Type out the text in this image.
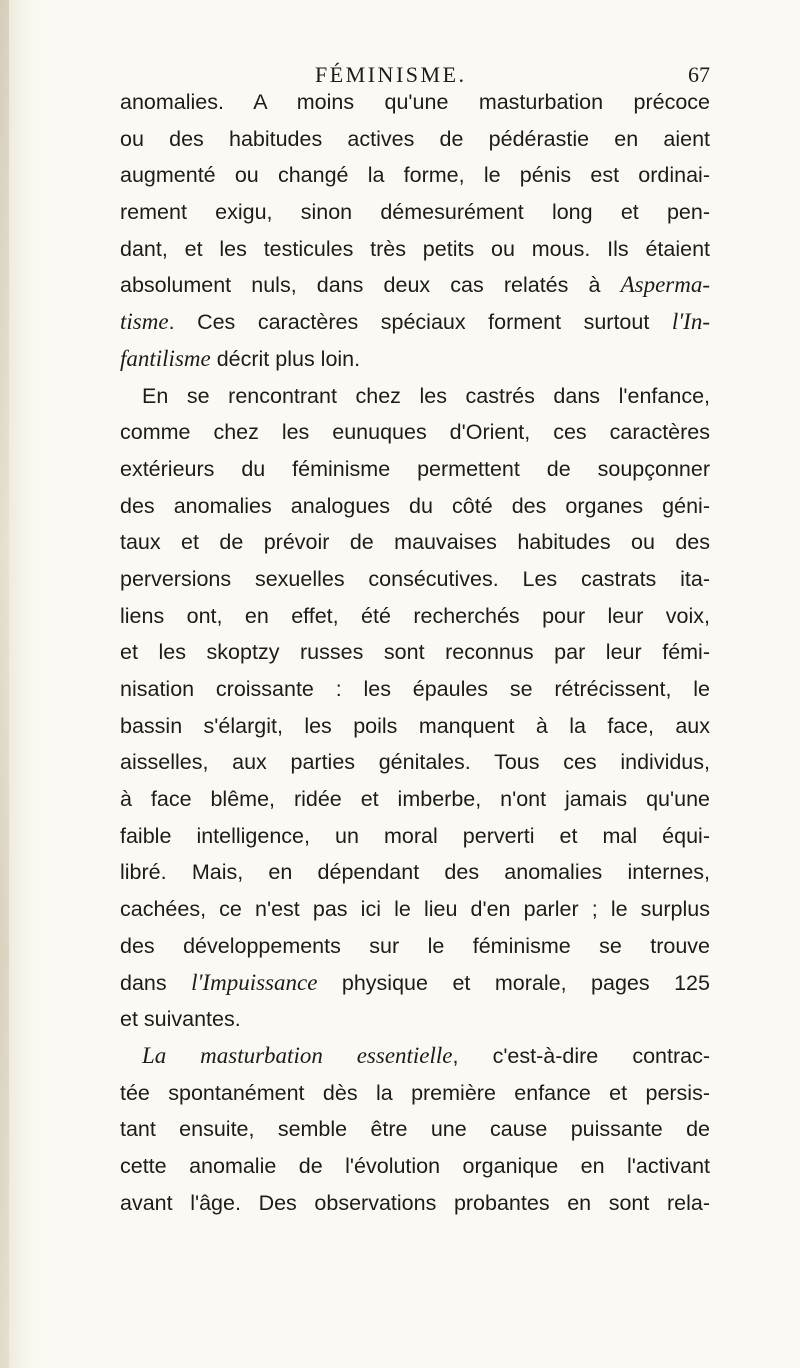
FÉMINISME.	67
anomalies. A moins qu'une masturbation précoce
ou des habitudes actives de pédérastie en aient
augmenté ou changé la forme, le pénis est ordinai-
rement exigu, sinon démesurément long et pen-
dant, et les testicules très petits ou mous. Ils étaient
absolument nuls, dans deux cas relatés à Asperma-
tisme. Ces caractères spéciaux forment surtout l'In-
fantilisme décrit plus loin.
En se rencontrant chez les castrés dans l'enfance,
comme chez les eunuques d'Orient, ces caractères
extérieurs du féminisme permettent de soupçonner
des anomalies analogues du côté des organes géni-
taux et de prévoir de mauvaises habitudes ou des
perversions sexuelles consécutives. Les castrats ita-
liens ont, en effet, été recherchés pour leur voix,
et les skoptzy russes sont reconnus par leur fémi-
nisation croissante : les épaules se rétrécissent, le
bassin s'élargit, les poils manquent à la face, aux
aisselles, aux parties génitales. Tous ces individus,
à face blême, ridée et imberbe, n'ont jamais qu'une
faible intelligence, un moral perverti et mal équi-
libré. Mais, en dépendant des anomalies internes,
cachées, ce n'est pas ici le lieu d'en parler ; le surplus
des développements sur le féminisme se trouve
dans l'Impuissance physique et morale, pages 125
et suivantes.
La masturbation essentielle, c'est-à-dire contrac-
tée spontanément dès la première enfance et persis-
tant ensuite, semble être une cause puissante de
cette anomalie de l'évolution organique en l'activant
avant l'âge. Des observations probantes en sont rela-
